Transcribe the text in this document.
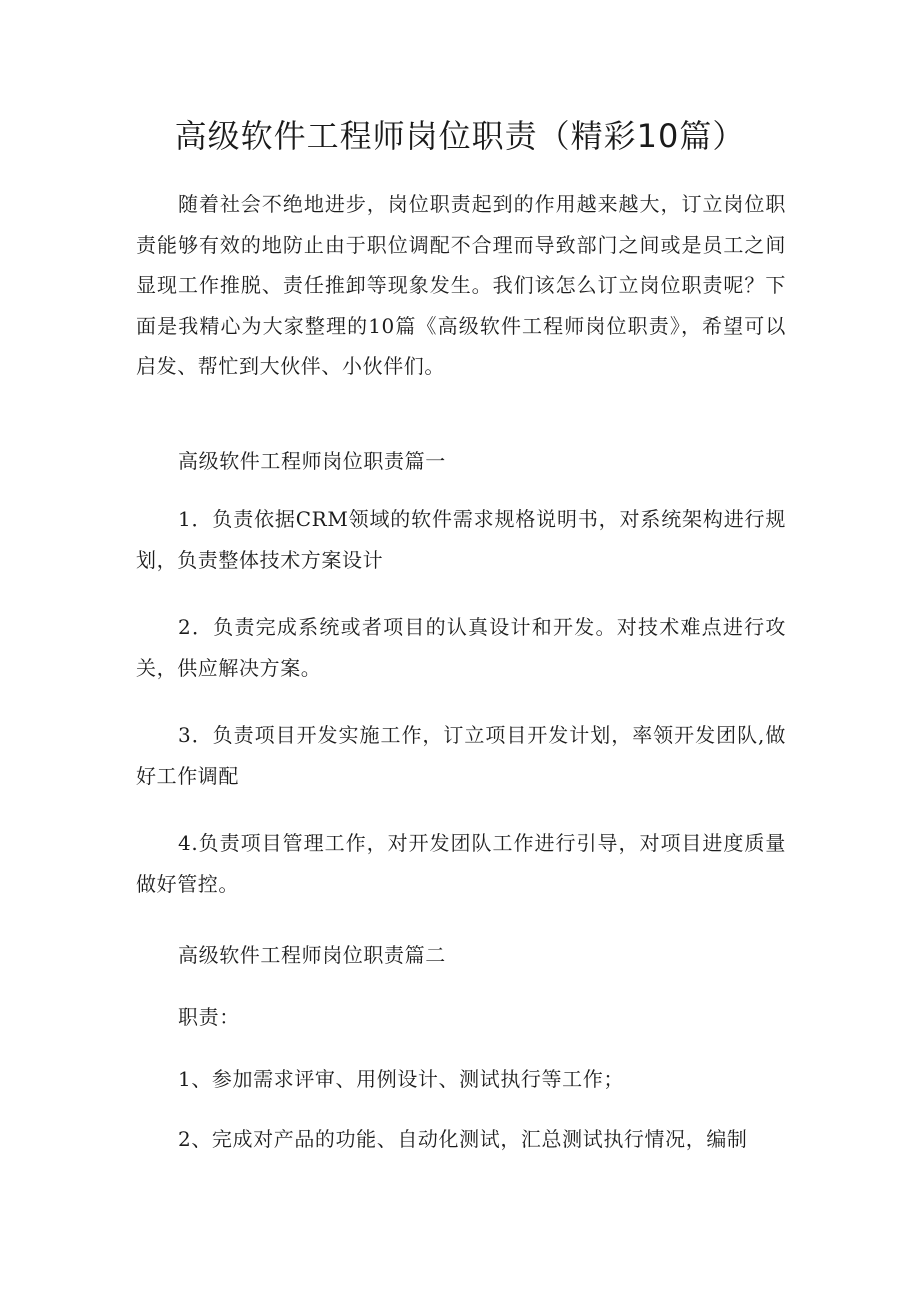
高级软件工程师岗位职责（精彩10篇）

随着社会不绝地进步，岗位职责起到的作用越来越大，订立岗位职责能够有效的地防止由于职位调配不合理而导致部门之间或是员工之间显现工作推脱、责任推卸等现象发生。我们该怎么订立岗位职责呢？下面是我精心为大家整理的10篇《高级软件工程师岗位职责》，希望可以启发、帮忙到大伙伴、小伙伴们。

高级软件工程师岗位职责篇一

1．负责依据CRM领域的软件需求规格说明书，对系统架构进行规划，负责整体技术方案设计

2．负责完成系统或者项目的认真设计和开发。对技术难点进行攻关，供应解决方案。

3．负责项目开发实施工作，订立项目开发计划，率领开发团队,做好工作调配

4.负责项目管理工作，对开发团队工作进行引导，对项目进度质量做好管控。

高级软件工程师岗位职责篇二

职责：

1、参加需求评审、用例设计、测试执行等工作；

2、完成对产品的功能、自动化测试，汇总测试执行情况，编制
